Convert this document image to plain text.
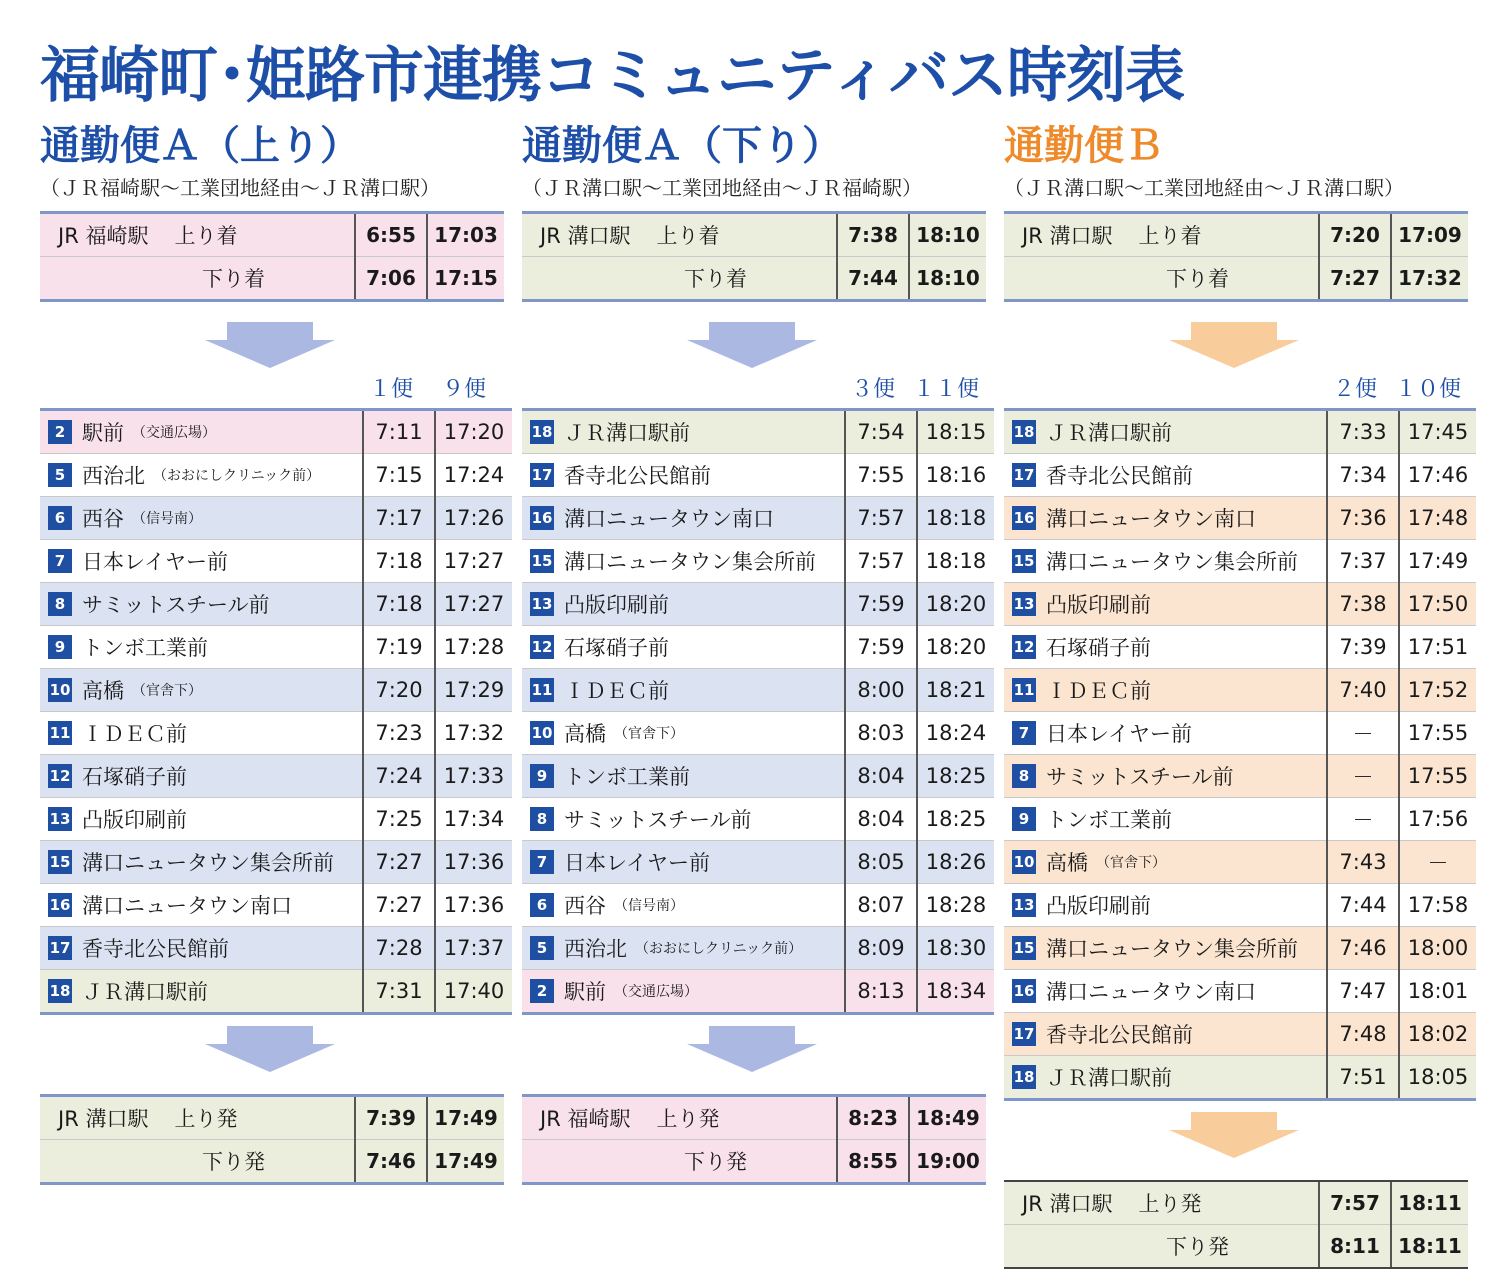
福崎町･姫路市連携コミュニティバス時刻表
通勤便Ａ（上り）
（ＪＲ福崎駅～工業団地経由～ＪＲ溝口駅）
JR 福崎駅 上り着	6:55	17:03
下り着	7:06	17:15
１便	９便
2 駅前 （交通広場）	7:11	17:20
5 西治北 （おおにしクリニック前）	7:15	17:24
6 西谷 （信号南）	7:17	17:26
7 日本レイヤー前	7:18	17:27
8 サミットスチール前	7:18	17:27
9 トンボ工業前	7:19	17:28
10 高橋 （官舎下）	7:20	17:29
11 ＩＤＥＣ前	7:23	17:32
12 石塚硝子前	7:24	17:33
13 凸版印刷前	7:25	17:34
15 溝口ニュータウン集会所前	7:27	17:36
16 溝口ニュータウン南口	7:27	17:36
17 香寺北公民館前	7:28	17:37
18 ＪＲ溝口駅前	7:31	17:40
JR 溝口駅 上り発	7:39	17:49
下り発	7:46	17:49
通勤便Ａ（下り）
（ＪＲ溝口駅～工業団地経由～ＪＲ福崎駅）
JR 溝口駅 上り着	7:38	18:10
下り着	7:44	18:10
３便 １１便
18 ＪＲ溝口駅前	7:54	18:15
17 香寺北公民館前	7:55	18:16
16 溝口ニュータウン南口	7:57	18:18
15 溝口ニュータウン集会所前	7:57	18:18
13 凸版印刷前	7:59	18:20
12 石塚硝子前	7:59	18:20
11 ＩＤＥＣ前	8:00	18:21
10 高橋 （官舎下）	8:03	18:24
9 トンボ工業前	8:04	18:25
8 サミットスチール前	8:04	18:25
7 日本レイヤー前	8:05	18:26
6 西谷 （信号南）	8:07	18:28
5 西治北 （おおにしクリニック前）	8:09	18:30
2 駅前 （交通広場）	8:13	18:34
JR 福崎駅 上り発	8:23	18:49
下り発	8:55	19:00
通勤便Ｂ
（ＪＲ溝口駅～工業団地経由～ＪＲ溝口駅）
JR 溝口駅 上り着	7:20	17:09
下り着	7:27	17:32
２便 １０便
18 ＪＲ溝口駅前	7:33	17:45
17 香寺北公民館前	7:34	17:46
16 溝口ニュータウン南口	7:36	17:48
15 溝口ニュータウン集会所前	7:37	17:49
13 凸版印刷前	7:38	17:50
12 石塚硝子前	7:39	17:51
11 ＩＤＥＣ前	7:40	17:52
7 日本レイヤー前	－	17:55
8 サミットスチール前	－	17:55
9 トンボ工業前	－	17:56
10 高橋 （官舎下）	7:43	－
13 凸版印刷前	7:44	17:58
15 溝口ニュータウン集会所前	7:46	18:00
16 溝口ニュータウン南口	7:47	18:01
17 香寺北公民館前	7:48	18:02
18 ＪＲ溝口駅前	7:51	18:05
JR 溝口駅 上り発	7:57	18:11
下り発	8:11	18:11
